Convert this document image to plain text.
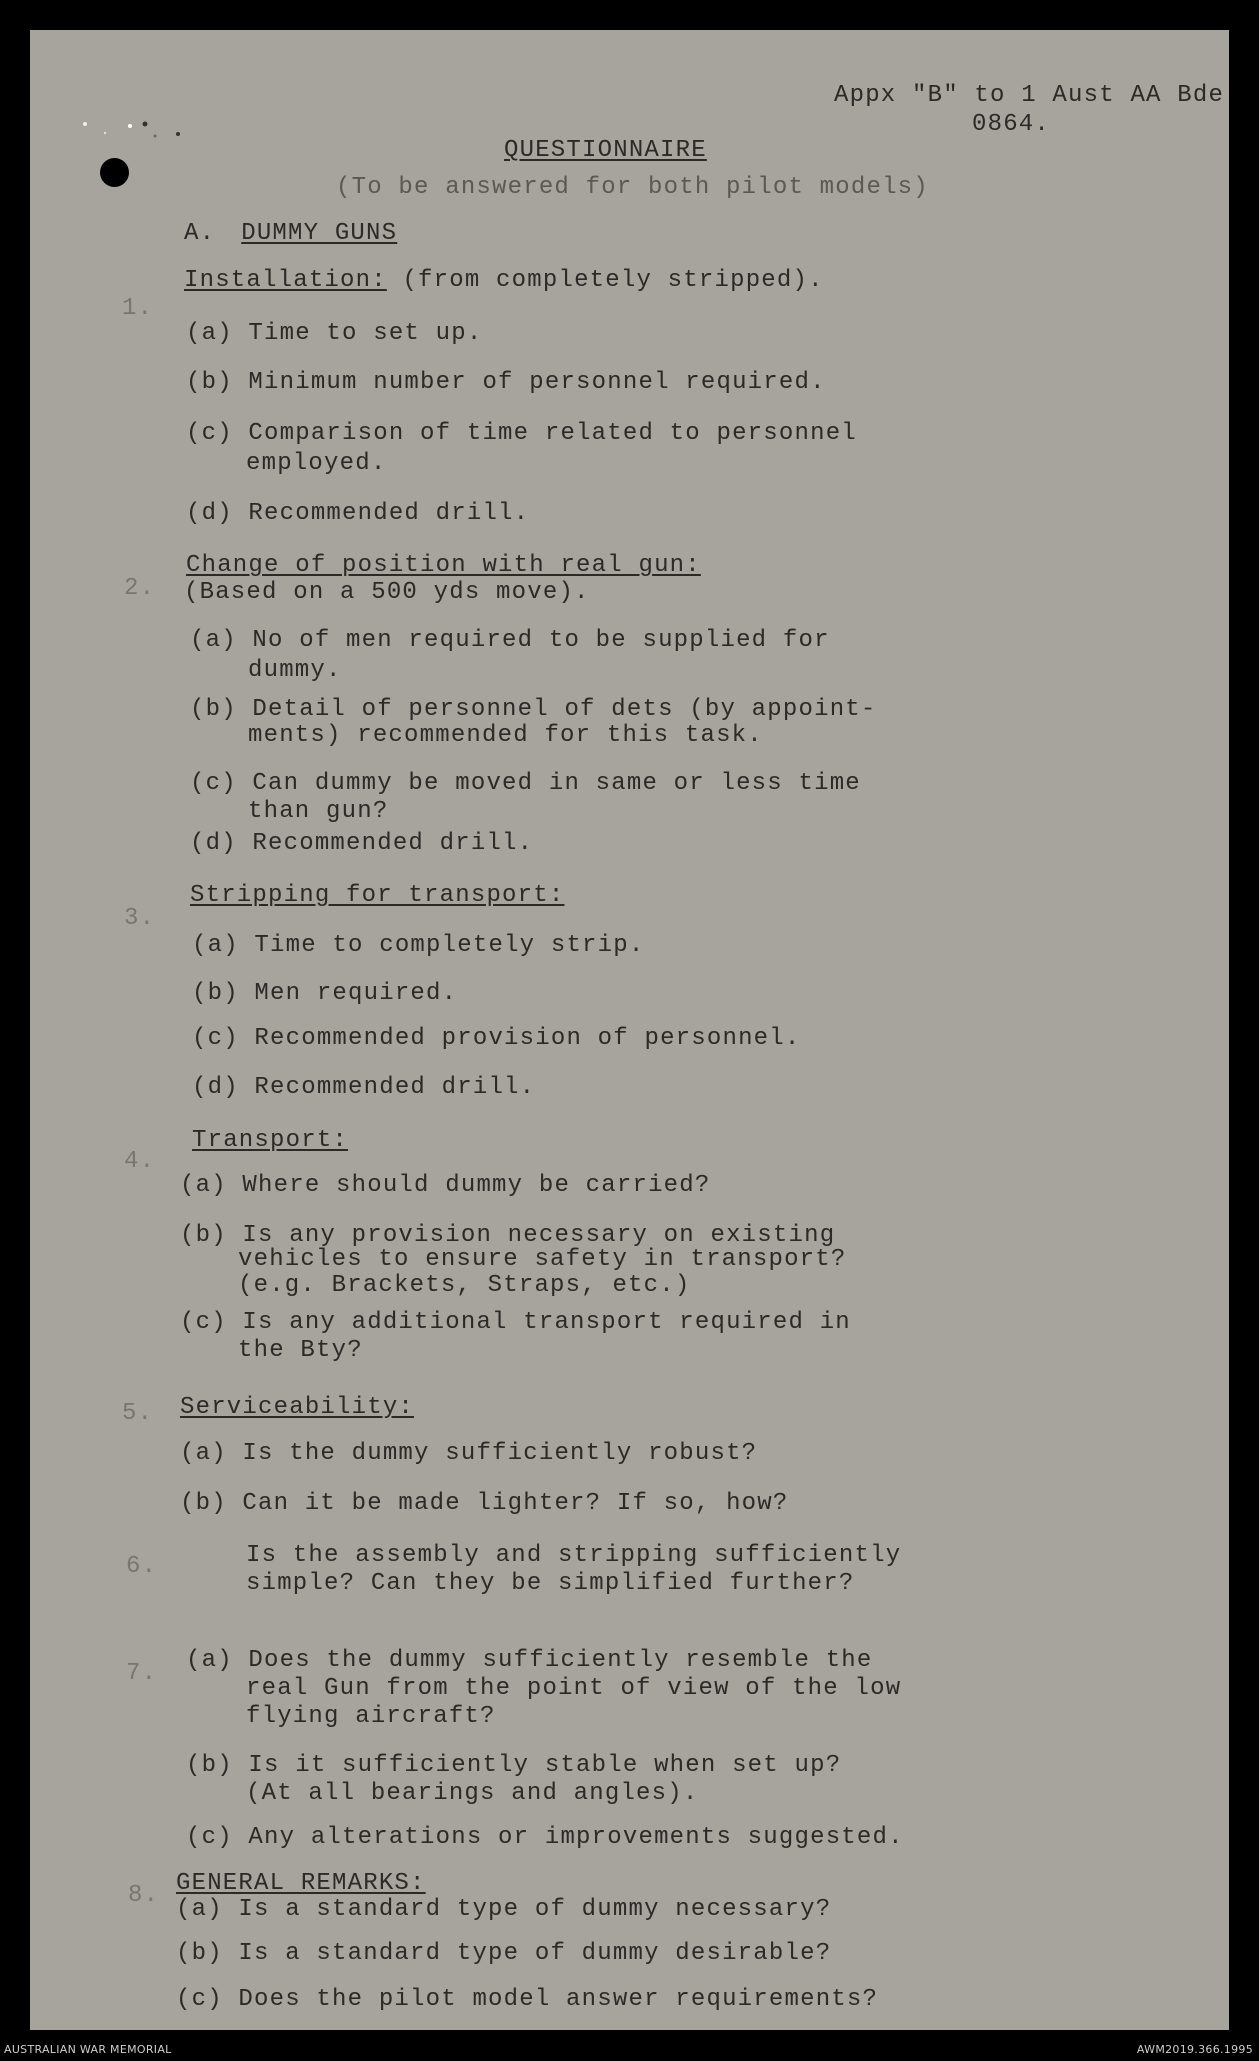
Appx "B" to 1 Aust AA Bde
0864.
QUESTIONNAIRE
(To be answered for both pilot models)
A. DUMMY GUNS
1.
Installation: (from completely stripped).
(a) Time to set up.
(b) Minimum number of personnel required.
(c) Comparison of time related to personnel
employed.
(d) Recommended drill.
2.
Change of position with real gun:
(Based on a 500 yds move).
(a) No of men required to be supplied for
dummy.
(b) Detail of personnel of dets (by appoint-
ments) recommended for this task.
(c) Can dummy be moved in same or less time
than gun?
(d) Recommended drill.
3.
Stripping for transport:
(a) Time to completely strip.
(b) Men required.
(c) Recommended provision of personnel.
(d) Recommended drill.
4.
Transport:
(a) Where should dummy be carried?
(b) Is any provision necessary on existing
vehicles to ensure safety in transport?
(e.g. Brackets, Straps, etc.)
(c) Is any additional transport required in
the Bty?
5. Serviceability:
(a) Is the dummy sufficiently robust?
(b) Can it be made lighter? If so, how?
6.	Is the assembly and stripping sufficiently
simple? Can they be simplified further?
7. (a) Does the dummy sufficiently resemble the
real Gun from the point of view of the low
flying aircraft?
(b) Is it sufficiently stable when set up?
(At all bearings and angles).
(c) Any alterations or improvements suggested.
8. GENERAL REMARKS:
(a) Is a standard type of dummy necessary?
(b) Is a standard type of dummy desirable?
(c) Does the pilot model answer requirements?
AUSTRALIAN WAR MEMORIAL	AWM2019.366.1995
